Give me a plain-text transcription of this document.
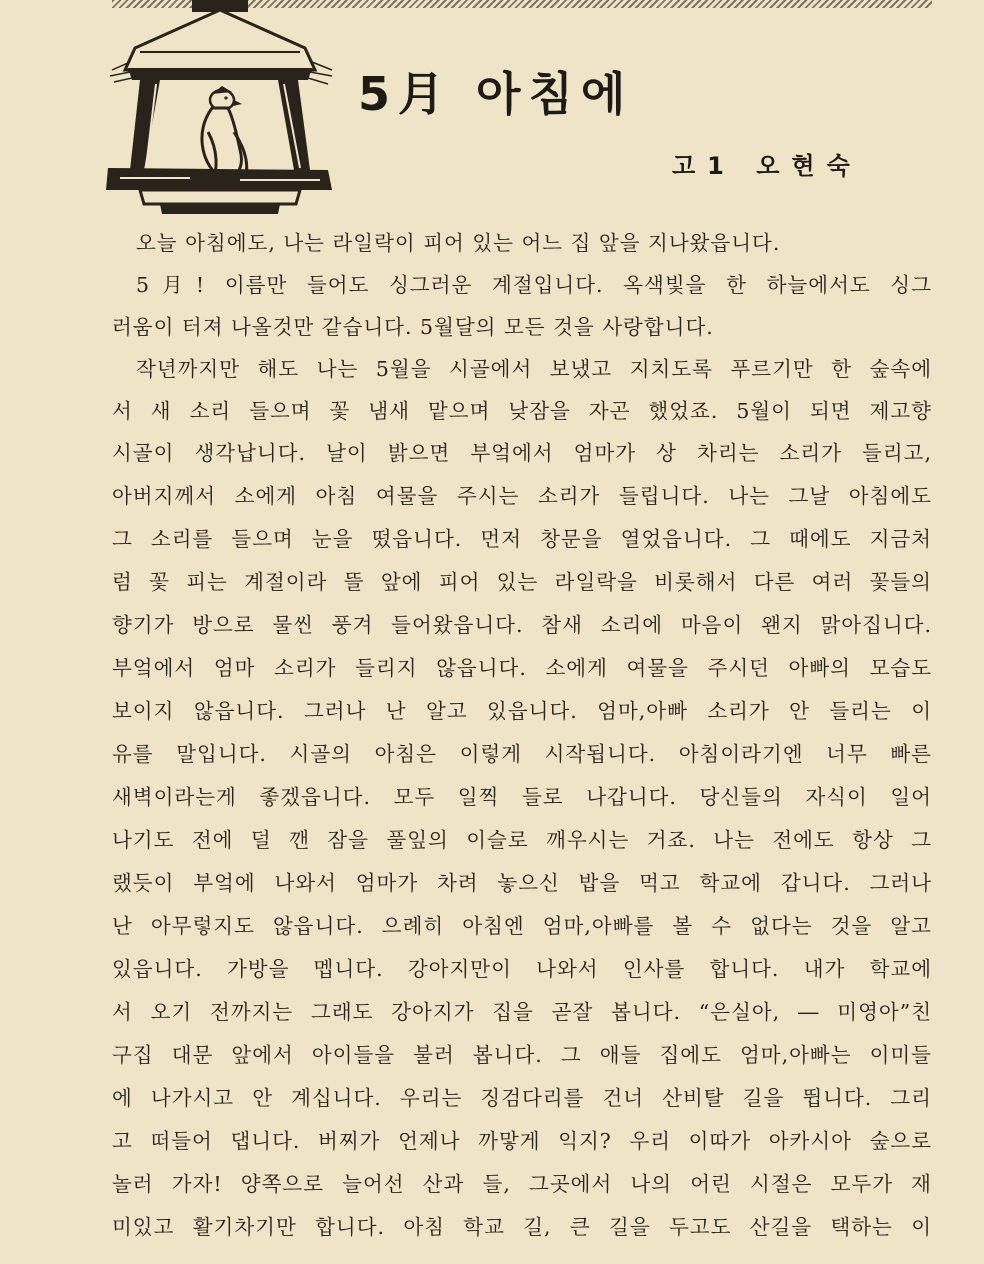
5月 아침에
고1 오현숙
오늘 아침에도, 나는 라일락이 피어 있는 어느 집 앞을 지나왔읍니다.
5月! 이름만 들어도 싱그러운 계절입니다. 옥색빛을 한 하늘에서도 싱그
러움이 터져 나올것만 같습니다. 5월달의 모든 것을 사랑합니다.
작년까지만 해도 나는 5월을 시골에서 보냈고 지치도록 푸르기만 한 숲속에
서 새 소리 들으며 꽃 냄새 맡으며 낮잠을 자곤 했었죠. 5월이 되면 제고향
시골이 생각납니다. 날이 밝으면 부엌에서 엄마가 상 차리는 소리가 들리고,
아버지께서 소에게 아침 여물을 주시는 소리가 들립니다. 나는 그날 아침에도
그 소리를 들으며 눈을 떴읍니다. 먼저 창문을 열었읍니다. 그 때에도 지금처
럼 꽃 피는 계절이라 뜰 앞에 피어 있는 라일락을 비롯해서 다른 여러 꽃들의
향기가 방으로 물씬 풍겨 들어왔읍니다. 참새 소리에 마음이 왠지 맑아집니다.
부엌에서 엄마 소리가 들리지 않읍니다. 소에게 여물을 주시던 아빠의 모습도
보이지 않읍니다. 그러나 난 알고 있읍니다. 엄마,아빠 소리가 안 들리는 이
유를 말입니다. 시골의 아침은 이렇게 시작됩니다. 아침이라기엔 너무 빠른
새벽이라는게 좋겠읍니다. 모두 일찍 들로 나갑니다. 당신들의 자식이 일어
나기도 전에 덜 깬 잠을 풀잎의 이슬로 깨우시는 거죠. 나는 전에도 항상 그
랬듯이 부엌에 나와서 엄마가 차려 놓으신 밥을 먹고 학교에 갑니다. 그러나
난 아무렇지도 않읍니다. 으례히 아침엔 엄마,아빠를 볼 수 없다는 것을 알고
있읍니다. 가방을 멥니다. 강아지만이 나와서 인사를 합니다. 내가 학교에
서 오기 전까지는 그래도 강아지가 집을 곧잘 봅니다. “은실아, ― 미영아”친
구집 대문 앞에서 아이들을 불러 봅니다. 그 애들 집에도 엄마,아빠는 이미들
에 나가시고 안 계십니다. 우리는 징검다리를 건너 산비탈 길을 뜁니다. 그리
고 떠들어 댑니다. 버찌가 언제나 까맣게 익지? 우리 이따가 아카시아 숲으로
놀러 가자! 양쪽으로 늘어선 산과 들, 그곳에서 나의 어린 시절은 모두가 재
미있고 활기차기만 합니다. 아침 학교 길, 큰 길을 두고도 산길을 택하는 이
